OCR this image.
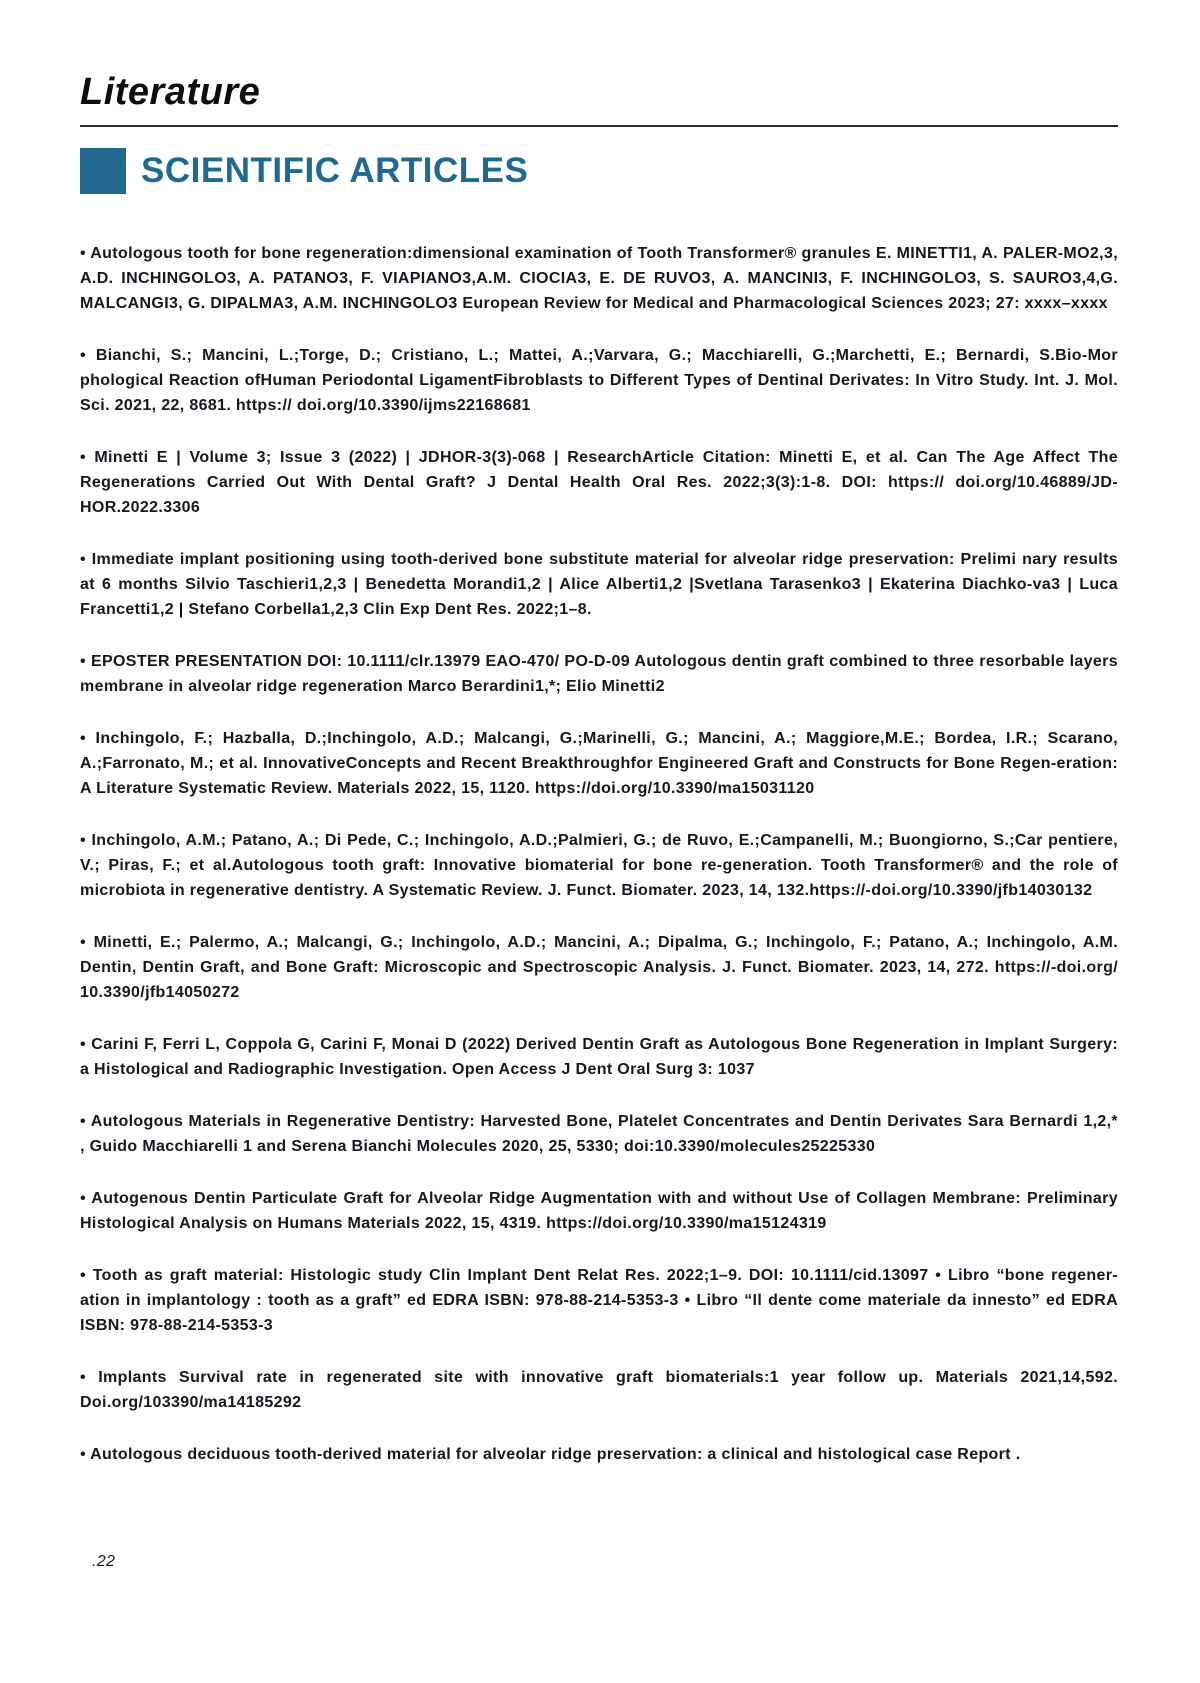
Literature
SCIENTIFIC ARTICLES

• Autologous tooth for bone regeneration:dimensional examination of Tooth Transformer® granules E. MINETTI1, A. PALER-MO2,3, A.D. INCHINGOLO3, A. PATANO3, F. VIAPIANO3,A.M. CIOCIA3, E. DE RUVO3, A. MANCINI3, F. INCHINGOLO3, S. SAURO3,4,G. MALCANGI3, G. DIPALMA3, A.M. INCHINGOLO3 European Review for Medical and Pharmacological Sciences 2023; 27: xxxx–xxxx

• Bianchi, S.; Mancini, L.;Torge, D.; Cristiano, L.; Mattei, A.;Varvara, G.; Macchiarelli, G.;Marchetti, E.; Bernardi, S.Bio-Mor phological Reaction ofHuman Periodontal LigamentFibroblasts to Different Types of Dentinal Derivates: In Vitro Study. Int. J. Mol. Sci. 2021, 22, 8681. https:// doi.org/10.3390/ijms22168681

• Minetti E | Volume 3; Issue 3 (2022) | JDHOR-3(3)-068 | ResearchArticle Citation: Minetti E, et al. Can The Age Affect The Regenerations Carried Out With Dental Graft? J Dental Health Oral Res. 2022;3(3):1-8. DOI: https:// doi.org/10.46889/JD-HOR.2022.3306

• Immediate implant positioning using tooth-derived bone substitute material for alveolar ridge preservation: Prelimi nary results at 6 months Silvio Taschieri1,2,3 | Benedetta Morandi1,2 | Alice Alberti1,2 |Svetlana Tarasenko3 | Ekaterina Diachko-va3 | Luca Francetti1,2 | Stefano Corbella1,2,3 Clin Exp Dent Res. 2022;1–8.

• EPOSTER PRESENTATION DOI: 10.1111/clr.13979 EAO-470/ PO-D-09 Autologous dentin graft combined to three resorbable layers membrane in alveolar ridge regeneration Marco Berardini1,*; Elio Minetti2

• Inchingolo, F.; Hazballa, D.;Inchingolo, A.D.; Malcangi, G.;Marinelli, G.; Mancini, A.; Maggiore,M.E.; Bordea, I.R.; Scarano, A.;Farronato, M.; et al. InnovativeConcepts and Recent Breakthroughfor Engineered Graft and Constructs for Bone Regen-eration: A Literature Systematic Review. Materials 2022, 15, 1120. https://doi.org/10.3390/ma15031120

• Inchingolo, A.M.; Patano, A.; Di Pede, C.; Inchingolo, A.D.;Palmieri, G.; de Ruvo, E.;Campanelli, M.; Buongiorno, S.;Car pentiere, V.; Piras, F.; et al.Autologous tooth graft: Innovative biomaterial for bone re-generation. Tooth Transformer® and the role of microbiota in regenerative dentistry. A Systematic Review. J. Funct. Biomater. 2023, 14, 132.https://-doi.org/10.3390/jfb14030132

• Minetti, E.; Palermo, A.; Malcangi, G.; Inchingolo, A.D.; Mancini, A.; Dipalma, G.; Inchingolo, F.; Patano, A.; Inchingolo, A.M. Dentin, Dentin Graft, and Bone Graft: Microscopic and Spectroscopic Analysis. J. Funct. Biomater. 2023, 14, 272. https://-doi.org/ 10.3390/jfb14050272

• Carini F, Ferri L, Coppola G, Carini F, Monai D (2022) Derived Dentin Graft as Autologous Bone Regeneration in Implant Surgery: a Histological and Radiographic Investigation. Open Access J Dent Oral Surg 3: 1037

• Autologous Materials in Regenerative Dentistry: Harvested Bone, Platelet Concentrates and Dentin Derivates Sara Bernardi 1,2,* , Guido Macchiarelli 1 and Serena Bianchi Molecules 2020, 25, 5330; doi:10.3390/molecules25225330

• Autogenous Dentin Particulate Graft for Alveolar Ridge Augmentation with and without Use of Collagen Membrane: Preliminary Histological Analysis on Humans Materials 2022, 15, 4319. https://doi.org/10.3390/ma15124319

• Tooth as graft material: Histologic study Clin Implant Dent Relat Res. 2022;1–9. DOI: 10.1111/cid.13097 • Libro “bone regener-ation in implantology : tooth as a graft” ed EDRA ISBN: 978-88-214-5353-3 • Libro “Il dente come materiale da innesto” ed EDRA ISBN: 978-88-214-5353-3

• Implants Survival rate in regenerated site with innovative graft biomaterials:1 year follow up. Materials 2021,14,592. Doi.org/103390/ma14185292

• Autologous deciduous tooth-derived material for alveolar ridge preservation: a clinical and histological case Report .

.22
